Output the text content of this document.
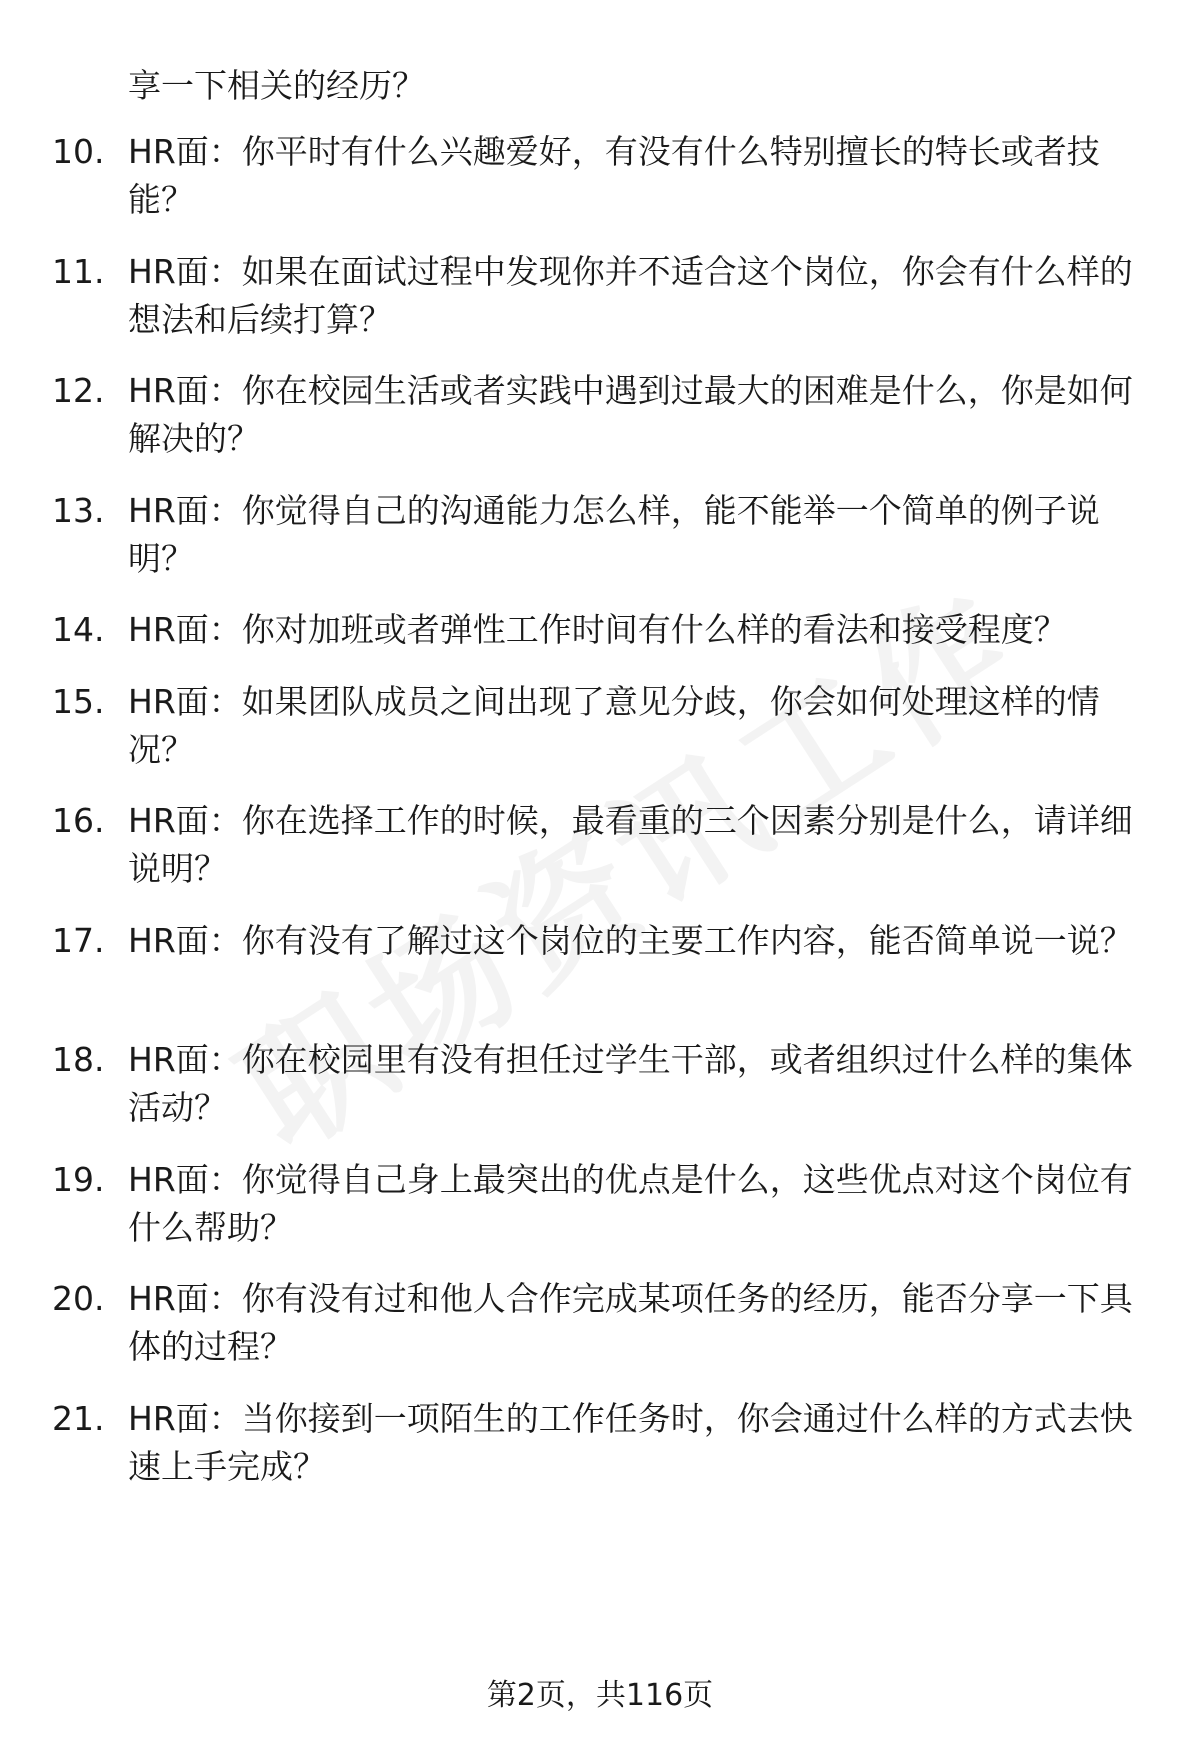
享一下相关的经历？
10. HR面：你平时有什么兴趣爱好，有没有什么特别擅长的特长或者技能？
11. HR面：如果在面试过程中发现你并不适合这个岗位，你会有什么样的想法和后续打算？
12. HR面：你在校园生活或者实践中遇到过最大的困难是什么，你是如何解决的？
13. HR面：你觉得自己的沟通能力怎么样，能不能举一个简单的例子说明？
14. HR面：你对加班或者弹性工作时间有什么样的看法和接受程度？
15. HR面：如果团队成员之间出现了意见分歧，你会如何处理这样的情况？
16. HR面：你在选择工作的时候，最看重的三个因素分别是什么，请详细说明？
17. HR面：你有没有了解过这个岗位的主要工作内容，能否简单说一说？
18. HR面：你在校园里有没有担任过学生干部，或者组织过什么样的集体活动？
19. HR面：你觉得自己身上最突出的优点是什么，这些优点对这个岗位有什么帮助？
20. HR面：你有没有过和他人合作完成某项任务的经历，能否分享一下具体的过程？
21. HR面：当你接到一项陌生的工作任务时，你会通过什么样的方式去快速上手完成？
第2页，共116页
